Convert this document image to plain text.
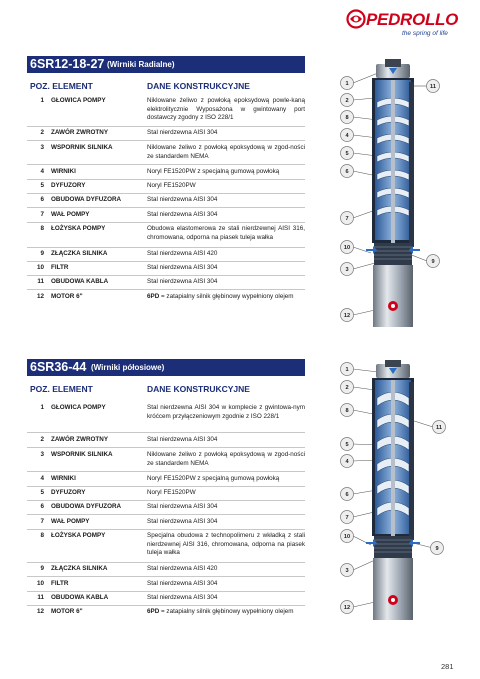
PEDROLLO
the spring of life
6SR12-18-27 (Wirniki Radialne)
POZ. ELEMENT	DANE KONSTRUKCYJNE
1 GŁOWICA POMPY	Niklowane żeliwo z powłoką epoksydową powle-kaną elektrolitycznie Wyposażona w gwintowany port dostawczy zgodny z ISO 228/1
2 ZAWÓR ZWROTNY	Stal nierdzewna AISI 304
3 WSPORNIK SILNIKA	Niklowane żeliwo z powłoką epoksydową w zgod-ności ze standardem NEMA
4 WIRNIKI	Noryl FE1520PW z specjalną gumową powłoką
5 DYFUZORY	Noryl FE1520PW
6 OBUDOWA DYFUZORA	Stal nierdzewna AISI 304
7 WAŁ POMPY	Stal nierdzewna AISI 304
8 ŁOŻYSKA POMPY	Obudowa elastomerowa ze stali nierdzewnej AISI 316, chromowana, odporna na piasek tuleja wałka
9 ZŁĄCZKA SILNIKA	Stal nierdzewna AISI 420
10 FILTR	Stal nierdzewna AISI 304
11 OBUDOWA KABLA	Stal nierdzewna AISI 304
12 MOTOR 6"	6PD = zatapialny silnik głębinowy wypełniony olejem
6SR36-44 (Wirniki półosiowe)
POZ. ELEMENT	DANE KONSTRUKCYJNE
1 GŁOWICA POMPY	Stal nierdzewna AISI 304 w komplecie z gwintowa-nym króćcem przyłączeniowym zgodnie z ISO 228/1
2 ZAWÓR ZWROTNY	Stal nierdzewna AISI 304
3 WSPORNIK SILNIKA	Niklowane żeliwo z powłoką epoksydową w zgod-ności ze standardem NEMA
4 WIRNIKI	Noryl FE1520PW z specjalną gumową powłoką
5 DYFUZORY	Noryl FE1520PW
6 OBUDOWA DYFUZORA	Stal nierdzewna AISI 304
7 WAŁ POMPY	Stal nierdzewna AISI 304
8 ŁOŻYSKA POMPY	Specjalna obudowa z technopolimeru z wkładką z stali nierdzewnej AISI 316, chromowana, odporna na piasek tuleja wałka
9 ZŁĄCZKA SILNIKA	Stal nierdzewna AISI 420
10 FILTR	Stal nierdzewna AISI 304
11 OBUDOWA KABLA	Stal nierdzewna AISI 304
12 MOTOR 6"	6PD = zatapialny silnik głębinowy wypełniony olejem
1
2
8
4
5
6
7
10
3
12
11
9
1
2
8
5
4
6
7
10
3
12
11
9
281
